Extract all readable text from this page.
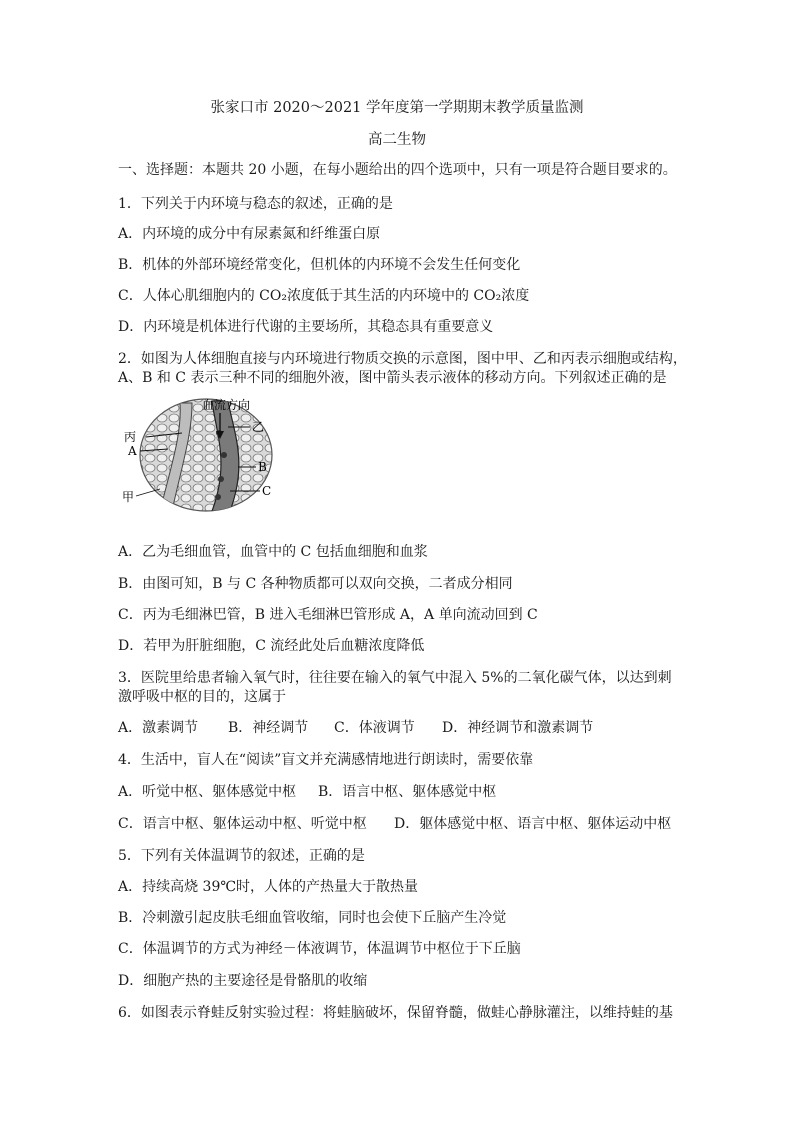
张家口市 2020～2021 学年度第一学期期末教学质量监测
高二生物
一、选择题：本题共 20 小题，在每小题给出的四个选项中，只有一项是符合题目要求的。
1．下列关于内环境与稳态的叙述，正确的是
A．内环境的成分中有尿素氮和纤维蛋白原
B．机体的外部环境经常变化，但机体的内环境不会发生任何变化
C．人体心肌细胞内的 CO₂浓度低于其生活的内环境中的 CO₂浓度
D．内环境是机体进行代谢的主要场所，其稳态具有重要意义
2．如图为人体细胞直接与内环境进行物质交换的示意图，图中甲、乙和丙表示细胞或结构，
A、B 和 C 表示三种不同的细胞外液，图中箭头表示液体的移动方向。下列叙述正确的是
血流方向
丙
A
甲
乙
B
C
A．乙为毛细血管，血管中的 C 包括血细胞和血浆
B．由图可知，B 与 C 各种物质都可以双向交换，二者成分相同
C．丙为毛细淋巴管，B 进入毛细淋巴管形成 A，A 单向流动回到 C
D．若甲为肝脏细胞，C 流经此处后血糖浓度降低
3．医院里给患者输入氧气时，往往要在输入的氧气中混入 5%的二氧化碳气体，以达到刺
激呼吸中枢的目的，这属于
A．激素调节 B．神经调节 C．体液调节 D．神经调节和激素调节
4．生活中，盲人在“阅读”盲文并充满感情地进行朗读时，需要依靠
A．听觉中枢、躯体感觉中枢 B．语言中枢、躯体感觉中枢
C．语言中枢、躯体运动中枢、听觉中枢 D．躯体感觉中枢、语言中枢、躯体运动中枢
5．下列有关体温调节的叙述，正确的是
A．持续高烧 39℃时，人体的产热量大于散热量
B．冷刺激引起皮肤毛细血管收缩，同时也会使下丘脑产生冷觉
C．体温调节的方式为神经－体液调节，体温调节中枢位于下丘脑
D．细胞产热的主要途径是骨骼肌的收缩
6．如图表示脊蛙反射实验过程：将蛙脑破坏，保留脊髓，做蛙心静脉灌注，以维持蛙的基
